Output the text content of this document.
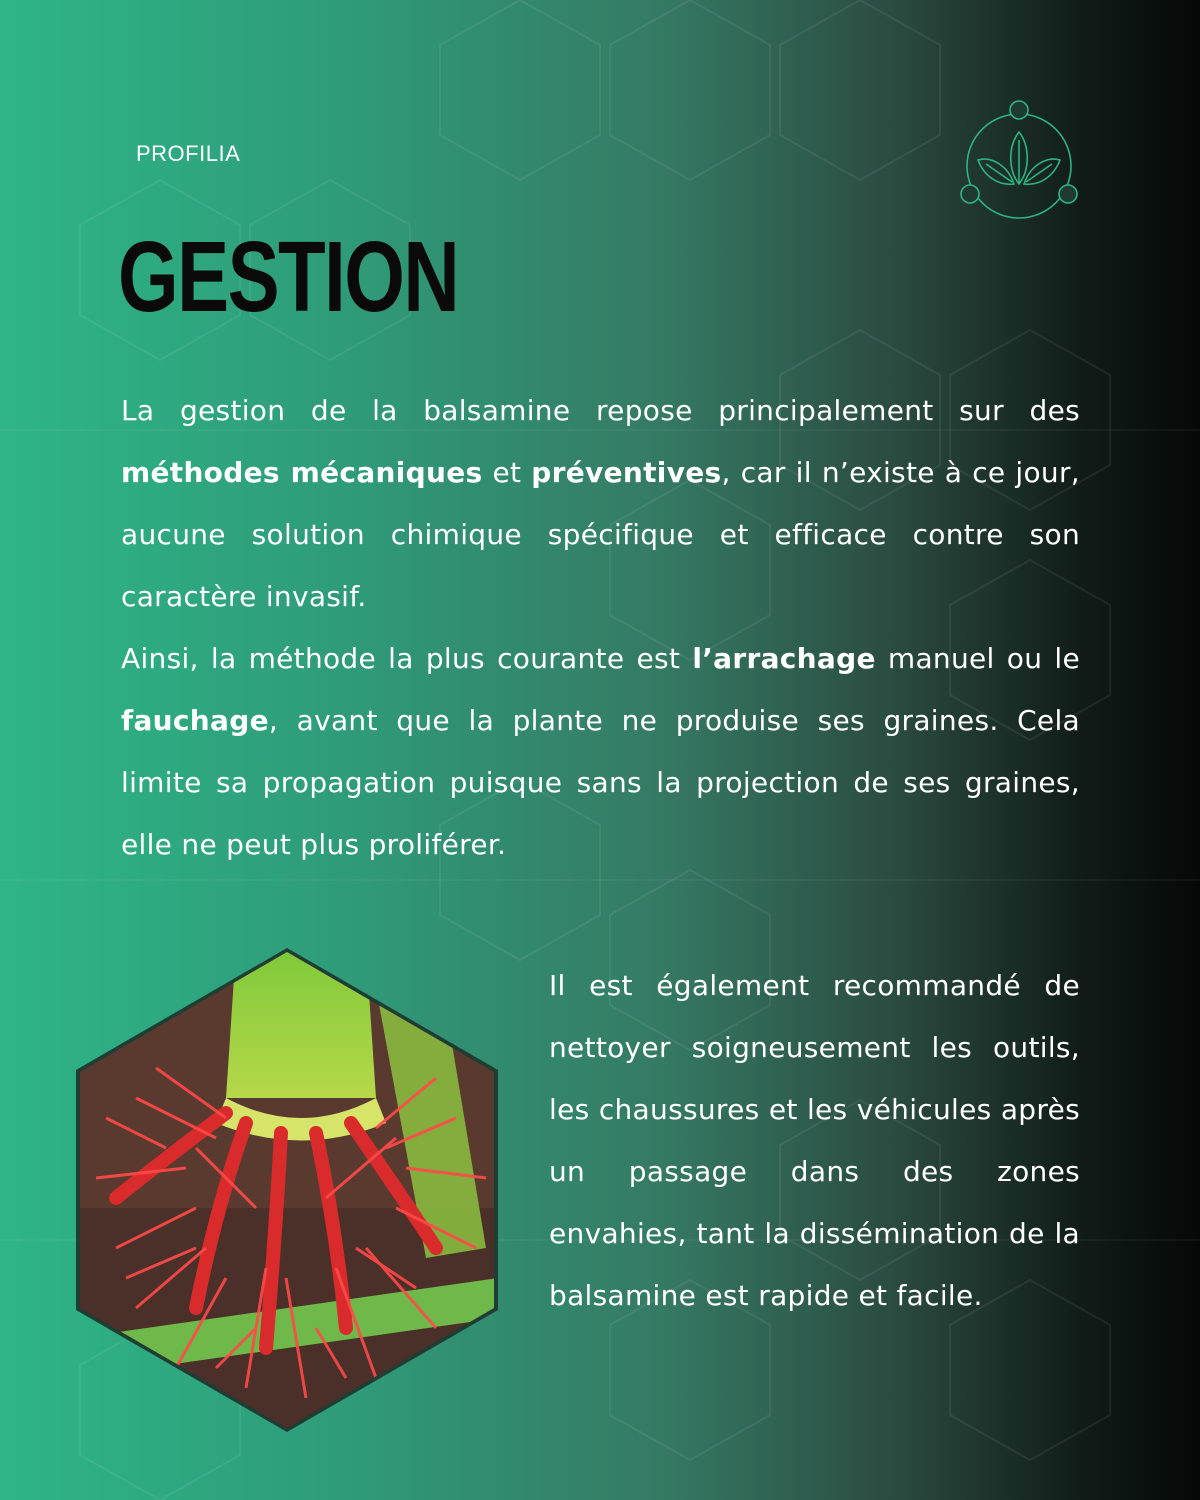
PROFILIA
GESTION

La gestion de la balsamine repose principalement sur des méthodes mécaniques et préventives, car il n’existe à ce jour, aucune solution chimique spécifique et efficace contre son caractère invasif.

Ainsi, la méthode la plus courante est l’arrachage manuel ou le fauchage, avant que la plante ne produise ses graines. Cela limite sa propagation puisque sans la projection de ses graines, elle ne peut plus proliférer.

Il est également recommandé de nettoyer soigneusement les outils, les chaussures et les véhicules après un passage dans des zones envahies, tant la dissémination de la balsamine est rapide et facile.
